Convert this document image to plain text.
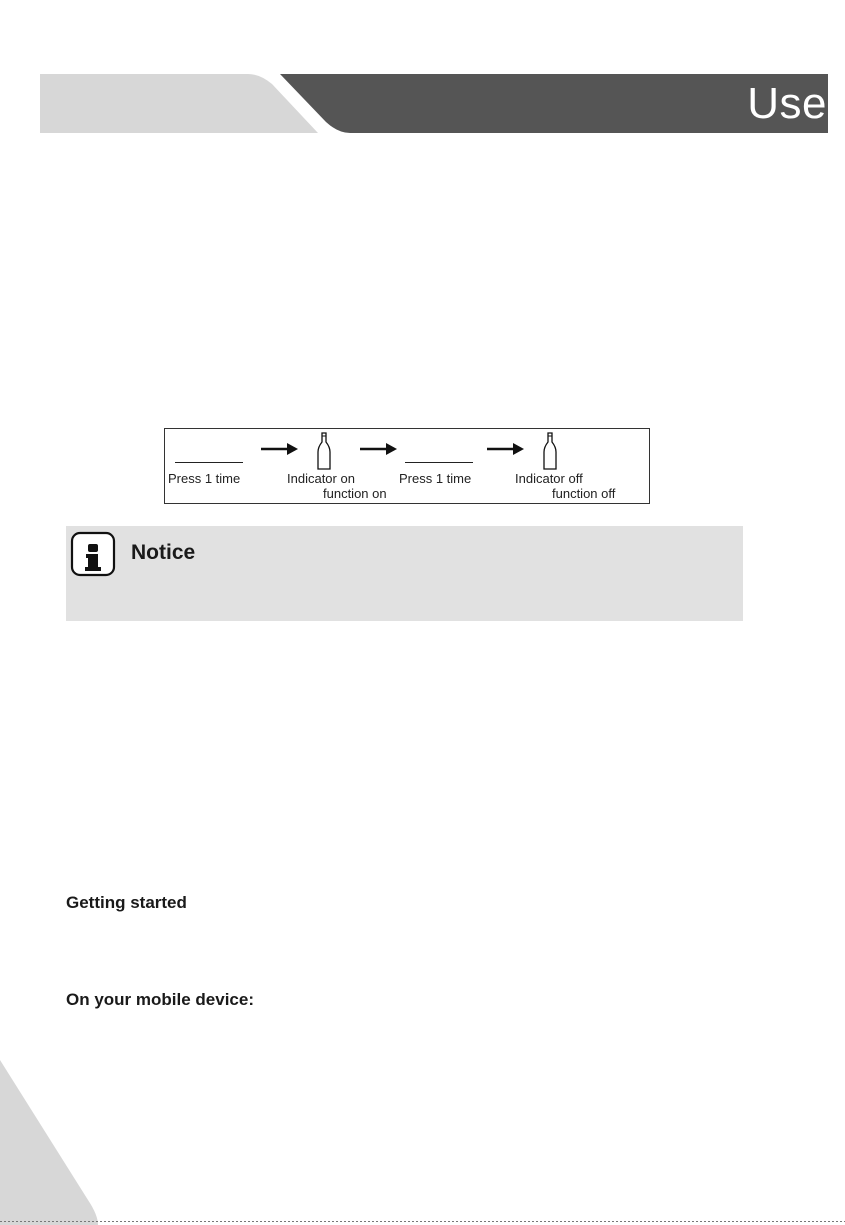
Use
Press 1 time	Indicator on
function on
Press 1 time	Indicator off
function off
Notice
Getting started
On your mobile device:
